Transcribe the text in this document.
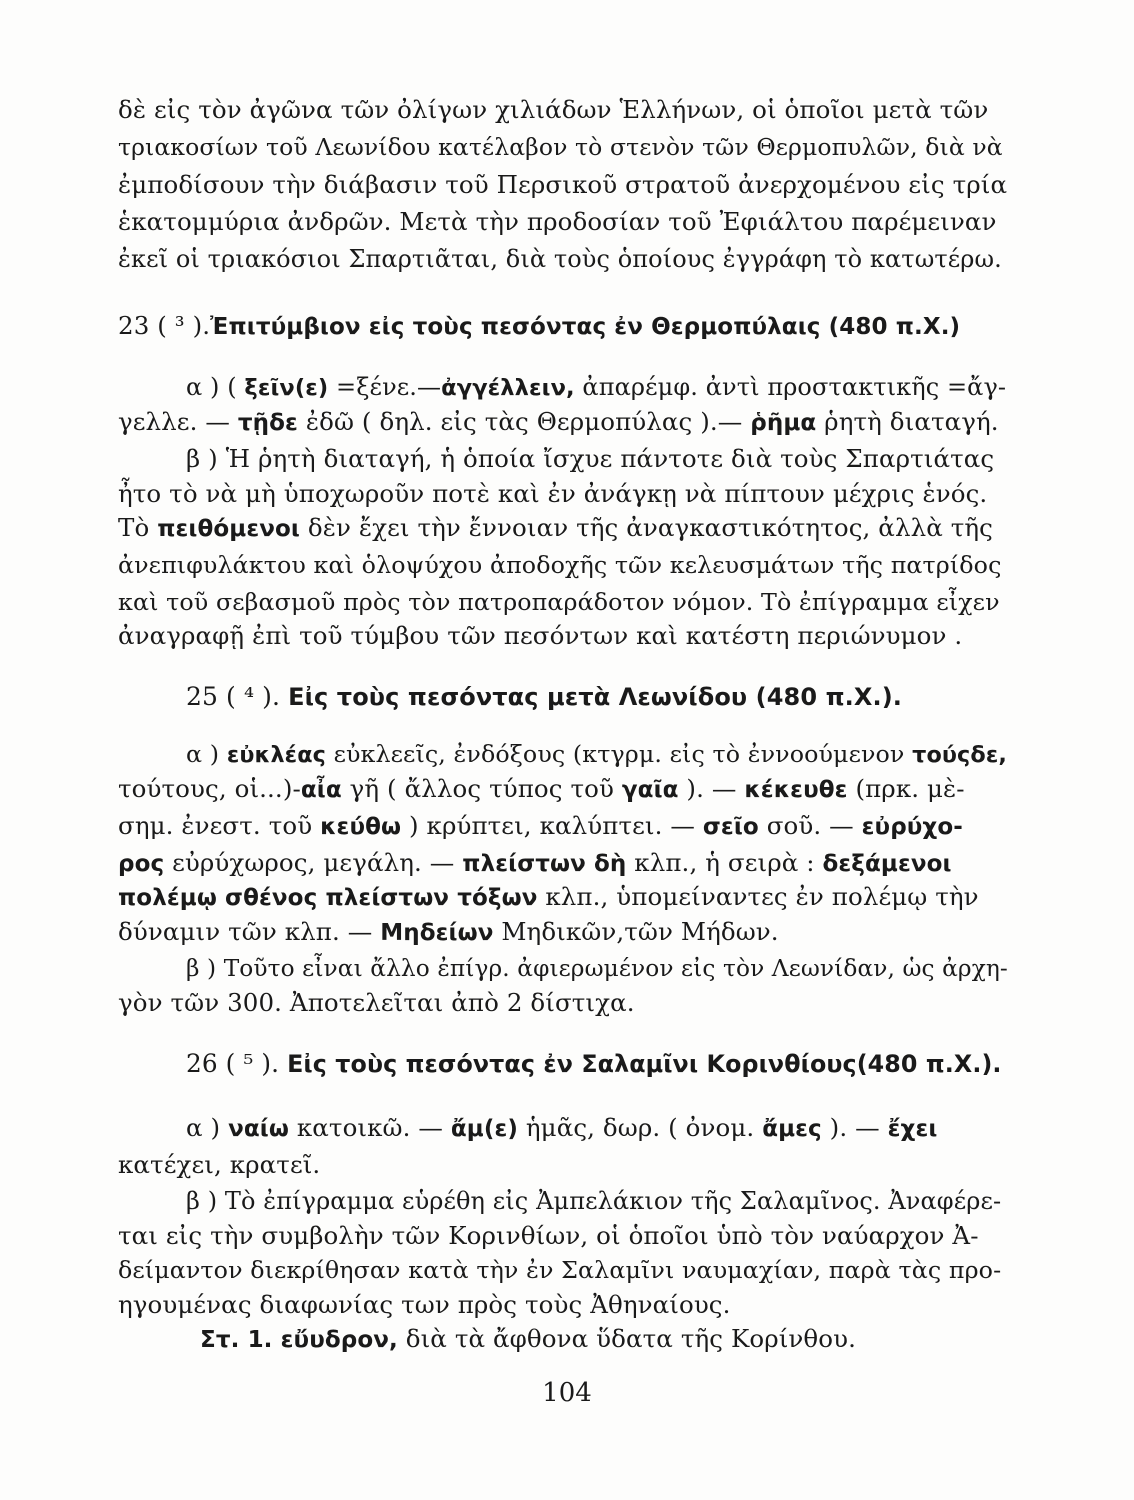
δὲ εἰς τὸν ἀγῶνα τῶν ὀλίγων χιλιάδων Ἑλλήνων, οἱ ὁποῖοι μετὰ τῶν
τριακοσίων τοῦ Λεωνίδου κατέλαβον τὸ στενὸν τῶν Θερμοπυλῶν, διὰ νὰ
ἐμποδίσουν τὴν διάβασιν τοῦ Περσικοῦ στρατοῦ ἀνερχομένου εἰς τρία
ἑκατομμύρια ἀνδρῶν. Μετὰ τὴν προδοσίαν τοῦ Ἐφιάλτου παρέμειναν
ἐκεῖ οἱ τριακόσιοι Σπαρτιᾶται, διὰ τοὺς ὁποίους ἐγγράφη τὸ κατωτέρω.
23 ( ³ ).Ἐπιτύμβιον εἰς τοὺς πεσόντας ἐν Θερμοπύλαις (480 π.Χ.)
α ) ( ξεῖν(ε) =ξένε.—ἀγγέλλειν, ἀπαρέμφ. ἀντὶ προστακτικῆς =ἄγ-
γελλε. — τῇδε ἐδῶ ( δηλ. εἰς τὰς Θερμοπύλας ).— ῥῆμα ῥητὴ διαταγή.
β ) Ἡ ῥητὴ διαταγή, ἡ ὁποία ἴσχυε πάντοτε διὰ τοὺς Σπαρτιάτας
ἦτο τὸ νὰ μὴ ὑποχωροῦν ποτὲ καὶ ἐν ἀνάγκῃ νὰ πίπτουν μέχρις ἑνός.
Τὸ πειθόμενοι δὲν ἔχει τὴν ἔννοιαν τῆς ἀναγκαστικότητος, ἀλλὰ τῆς
ἀνεπιφυλάκτου καὶ ὁλοψύχου ἀποδοχῆς τῶν κελευσμάτων τῆς πατρίδος
καὶ τοῦ σεβασμοῦ πρὸς τὸν πατροπαράδοτον νόμον. Τὸ ἐπίγραμμα εἶχεν
ἀναγραφῇ ἐπὶ τοῦ τύμβου τῶν πεσόντων καὶ κατέστη περιώνυμον .
25 ( ⁴ ). Εἰς τοὺς πεσόντας μετὰ Λεωνίδου (480 π.Χ.).
α ) εὐκλέας εὐκλεεῖς, ἐνδόξους (κτγρμ. εἰς τὸ ἐννοούμενον τούςδε,
τούτους, οἱ...)-αἶα γῆ ( ἄλλος τύπος τοῦ γαῖα ). — κέκευθε (πρκ. μὲ-
σημ. ἐνεστ. τοῦ κεύθω ) κρύπτει, καλύπτει. — σεῖο σοῦ. — εὐρύχο-
ρος εὐρύχωρος, μεγάλη. — πλείστων δὴ κλπ., ἡ σειρὰ : δεξάμενοι
πολέμῳ σθένος πλείστων τόξων κλπ., ὑπομείναντες ἐν πολέμῳ τὴν
δύναμιν τῶν κλπ. — Μηδείων Μηδικῶν,τῶν Μήδων.
β ) Τοῦτο εἶναι ἄλλο ἐπίγρ. ἀφιερωμένον εἰς τὸν Λεωνίδαν, ὡς ἀρχη-
γὸν τῶν 300. Ἀποτελεῖται ἀπὸ 2 δίστιχα.
26 ( ⁵ ). Εἰς τοὺς πεσόντας ἐν Σαλαμῖνι Κορινθίους(480 π.Χ.).
α ) ναίω κατοικῶ. — ἄμ(ε) ἡμᾶς, δωρ. ( ὀνομ. ἄμες ). — ἔχει
κατέχει, κρατεῖ.
β ) Τὸ ἐπίγραμμα εὑρέθη εἰς Ἀμπελάκιον τῆς Σαλαμῖνος. Ἀναφέρε-
ται εἰς τὴν συμβολὴν τῶν Κορινθίων, οἱ ὁποῖοι ὑπὸ τὸν ναύαρχον Ἀ-
δείμαντον διεκρίθησαν κατὰ τὴν ἐν Σαλαμῖνι ναυμαχίαν, παρὰ τὰς προ-
ηγουμένας διαφωνίας των πρὸς τοὺς Ἀθηναίους.
Στ. 1. εὔυδρον, διὰ τὰ ἄφθονα ὕδατα τῆς Κορίνθου.
104
